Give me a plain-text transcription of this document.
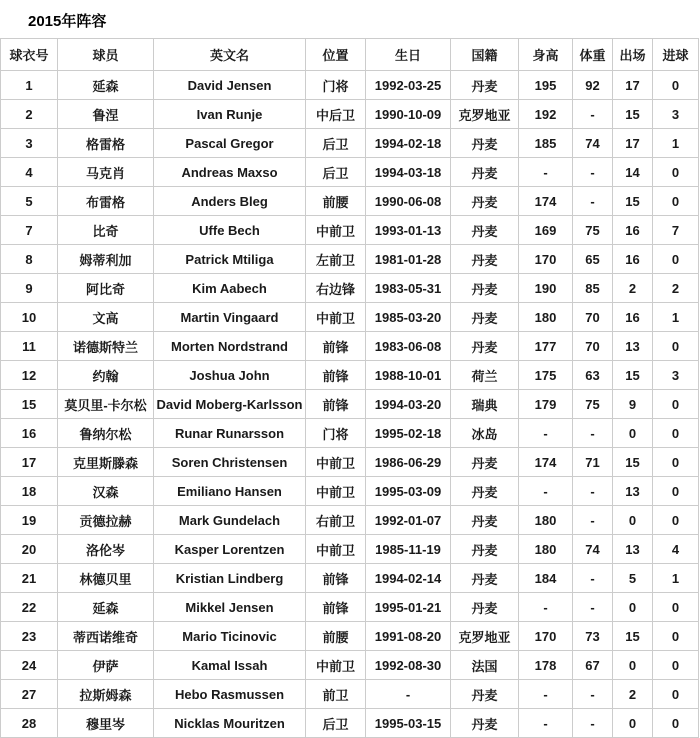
2015年阵容
球衣号	球员	英文名	位置	生日	国籍	身高	体重	出场	进球
1	延森	David Jensen	门将	1992-03-25	丹麦	195	92	17	0
2	鲁涅	Ivan Runje	中后卫	1990-10-09	克罗地亚	192	-	15	3
3	格雷格	Pascal Gregor	后卫	1994-02-18	丹麦	185	74	17	1
4	马克肖	Andreas Maxso	后卫	1994-03-18	丹麦	-	-	14	0
5	布雷格	Anders Bleg	前腰	1990-06-08	丹麦	174	-	15	0
7	比奇	Uffe Bech	中前卫	1993-01-13	丹麦	169	75	16	7
8	姆蒂利加	Patrick Mtiliga	左前卫	1981-01-28	丹麦	170	65	16	0
9	阿比奇	Kim Aabech	右边锋	1983-05-31	丹麦	190	85	2	2
10	文高	Martin Vingaard	中前卫	1985-03-20	丹麦	180	70	16	1
11	诺德斯特兰	Morten Nordstrand	前锋	1983-06-08	丹麦	177	70	13	0
12	约翰	Joshua John	前锋	1988-10-01	荷兰	175	63	15	3
15	莫贝里-卡尔松	David Moberg-Karlsson	前锋	1994-03-20	瑞典	179	75	9	0
16	鲁纳尔松	Runar Runarsson	门将	1995-02-18	冰岛	-	-	0	0
17	克里斯滕森	Soren Christensen	中前卫	1986-06-29	丹麦	174	71	15	0
18	汉森	Emiliano Hansen	中前卫	1995-03-09	丹麦	-	-	13	0
19	贡德拉赫	Mark Gundelach	右前卫	1992-01-07	丹麦	180	-	0	0
20	洛伦岑	Kasper Lorentzen	中前卫	1985-11-19	丹麦	180	74	13	4
21	林德贝里	Kristian Lindberg	前锋	1994-02-14	丹麦	184	-	5	1
22	延森	Mikkel Jensen	前锋	1995-01-21	丹麦	-	-	0	0
23	蒂西诺维奇	Mario Ticinovic	前腰	1991-08-20	克罗地亚	170	73	15	0
24	伊萨	Kamal Issah	中前卫	1992-08-30	法国	178	67	0	0
27	拉斯姆森	Hebo Rasmussen	前卫	-	丹麦	-	-	2	0
28	穆里岑	Nicklas Mouritzen	后卫	1995-03-15	丹麦	-	-	0	0
